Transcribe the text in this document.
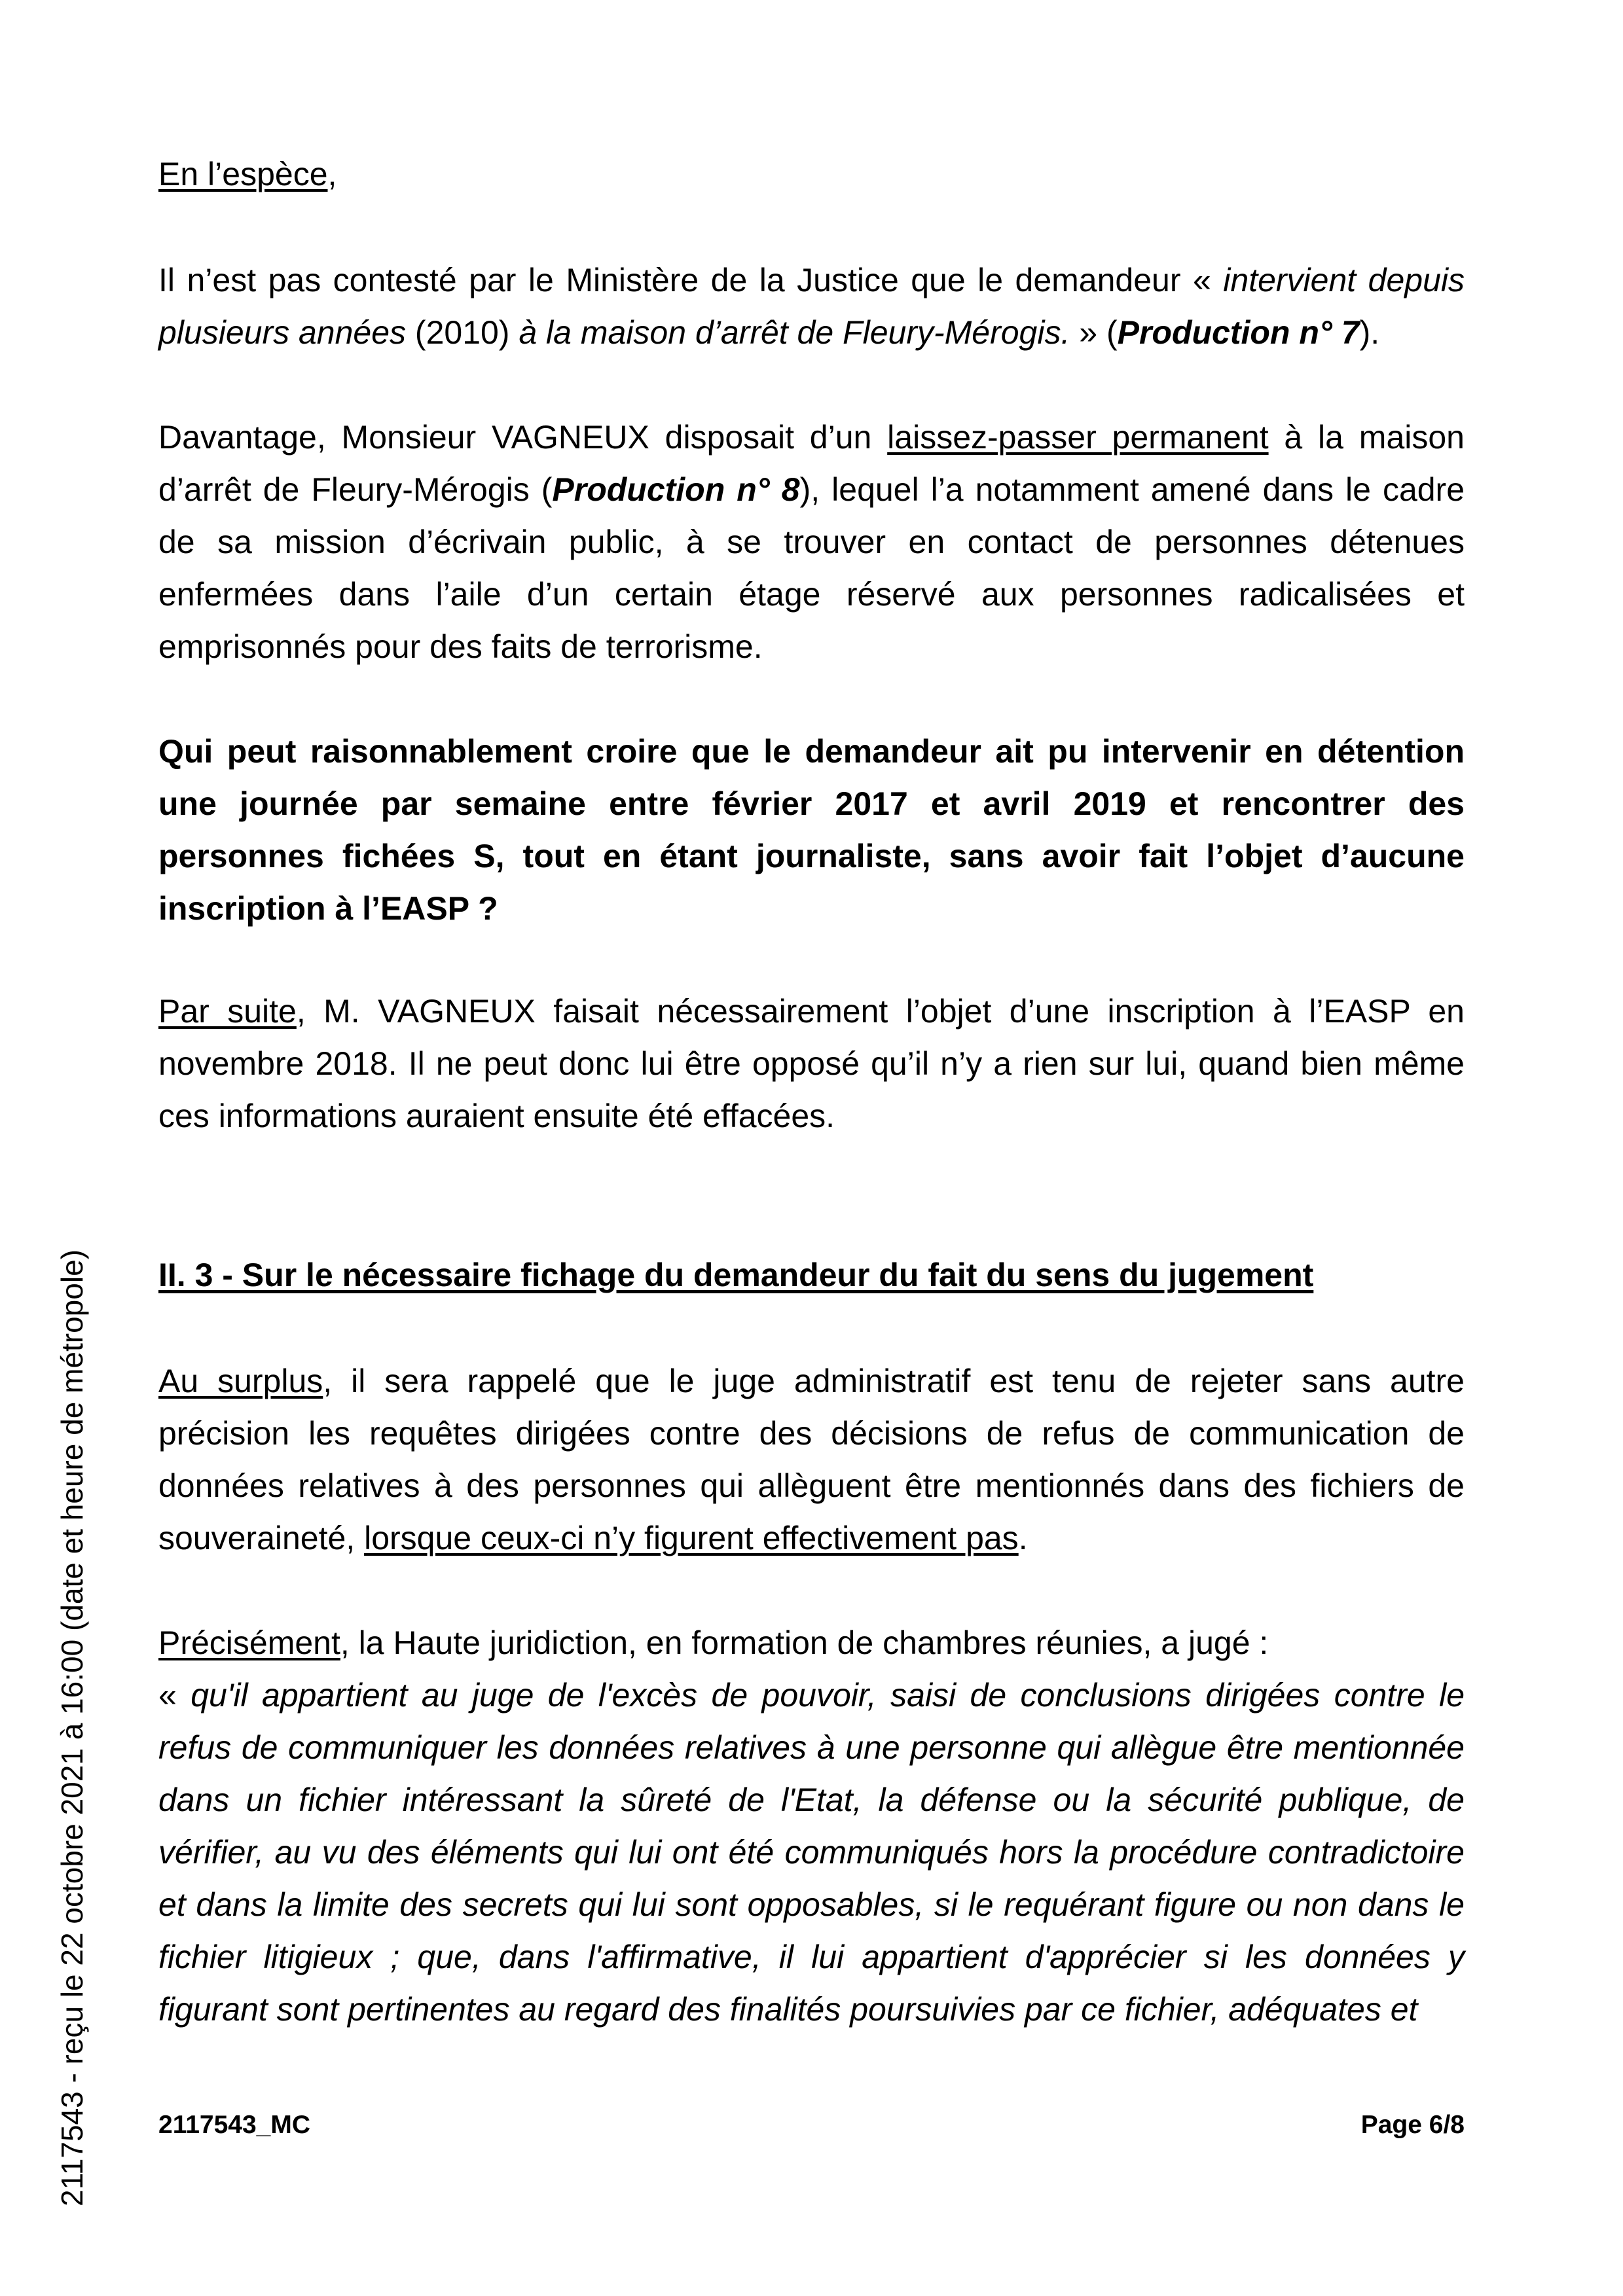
2117543 - reçu le 22 octobre 2021 à 16:00 (date et heure de métropole)

En l’espèce,

Il n’est pas contesté par le Ministère de la Justice que le demandeur « intervient depuis plusieurs années (2010) à la maison d’arrêt de Fleury-Mérogis. » (Production n° 7).

Davantage, Monsieur VAGNEUX disposait d’un laissez-passer permanent à la maison d’arrêt de Fleury-Mérogis (Production n° 8), lequel l’a notamment amené dans le cadre de sa mission d’écrivain public, à se trouver en contact de personnes détenues enfermées dans l’aile d’un certain étage réservé aux personnes radicalisées et emprisonnés pour des faits de terrorisme.

Qui peut raisonnablement croire que le demandeur ait pu intervenir en détention une journée par semaine entre février 2017 et avril 2019 et rencontrer des personnes fichées S, tout en étant journaliste, sans avoir fait l’objet d’aucune inscription à l’EASP ?

Par suite, M. VAGNEUX faisait nécessairement l’objet d’une inscription à l’EASP en novembre 2018. Il ne peut donc lui être opposé qu’il n’y a rien sur lui, quand bien même ces informations auraient ensuite été effacées.

II. 3 - Sur le nécessaire fichage du demandeur du fait du sens du jugement

Au surplus, il sera rappelé que le juge administratif est tenu de rejeter sans autre précision les requêtes dirigées contre des décisions de refus de communication de données relatives à des personnes qui allèguent être mentionnés dans des fichiers de souveraineté, lorsque ceux-ci n’y figurent effectivement pas.

Précisément, la Haute juridiction, en formation de chambres réunies, a jugé :
« qu'il appartient au juge de l'excès de pouvoir, saisi de conclusions dirigées contre le refus de communiquer les données relatives à une personne qui allègue être mentionnée dans un fichier intéressant la sûreté de l'Etat, la défense ou la sécurité publique, de vérifier, au vu des éléments qui lui ont été communiqués hors la procédure contradictoire et dans la limite des secrets qui lui sont opposables, si le requérant figure ou non dans le fichier litigieux ; que, dans l'affirmative, il lui appartient d'apprécier si les données y figurant sont pertinentes au regard des finalités poursuivies par ce fichier, adéquates et
2117543_MC	Page 6/8
